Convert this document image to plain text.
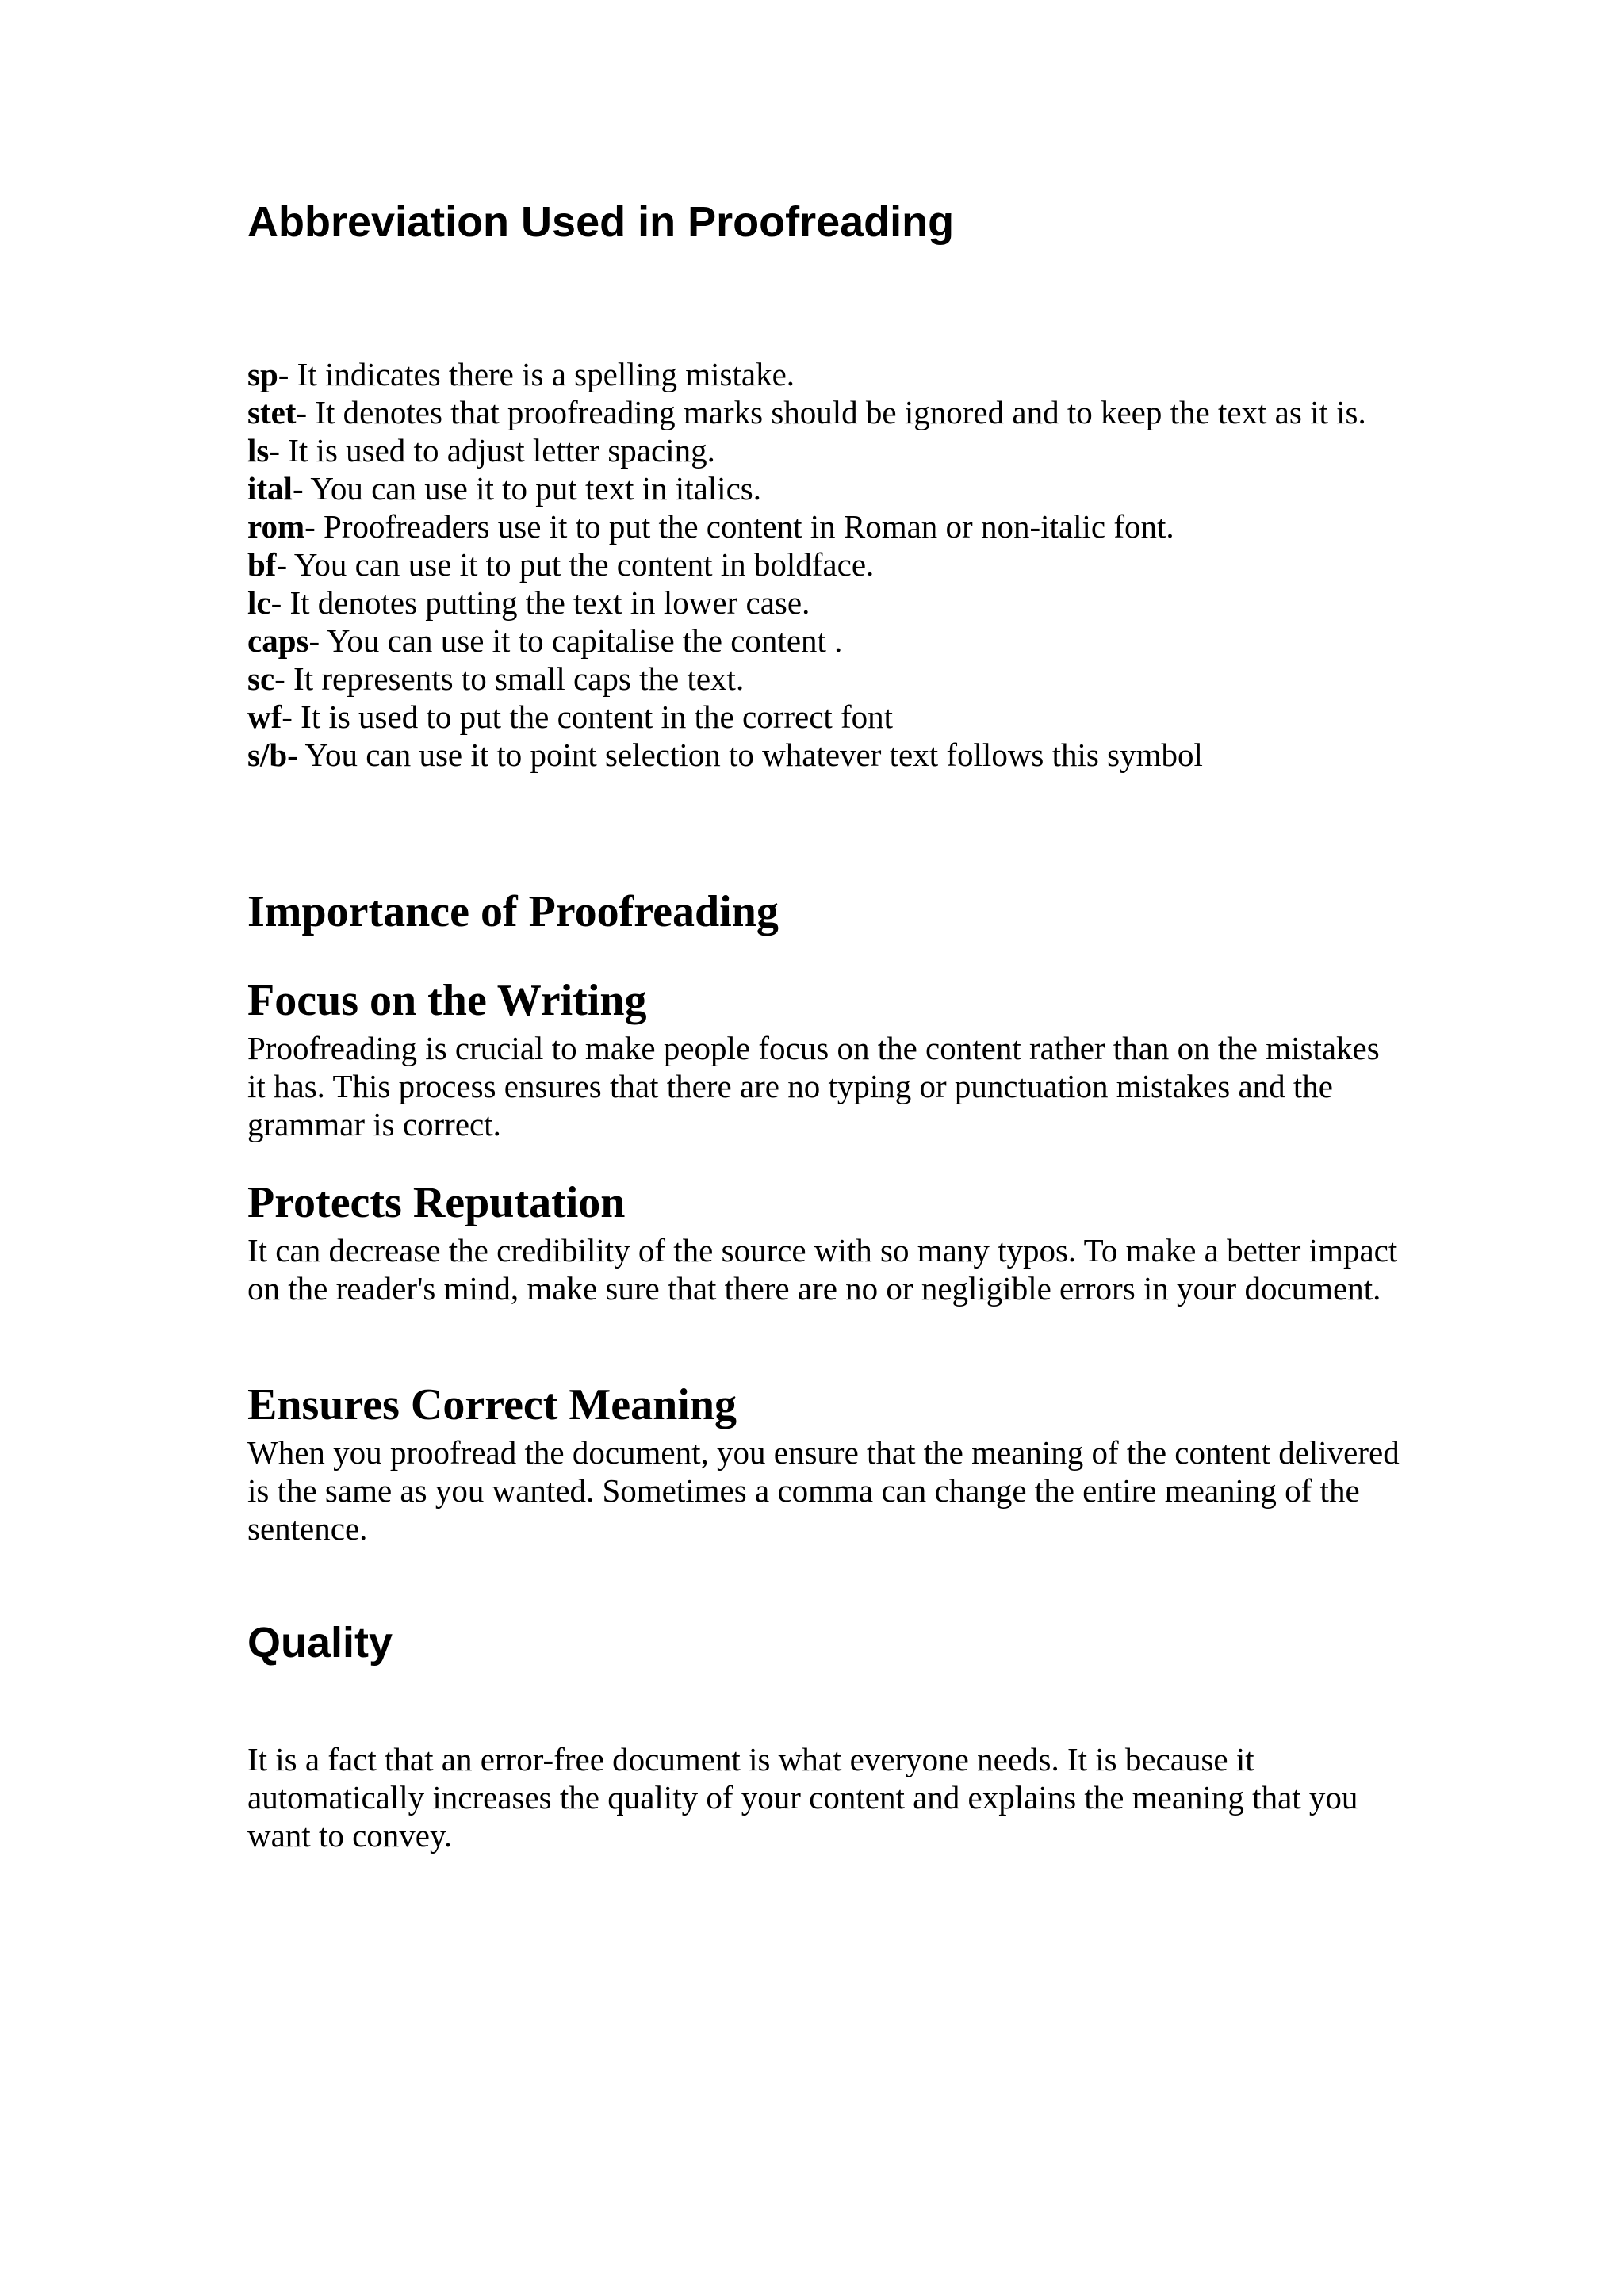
Abbreviation Used in Proofreading
sp- It indicates there is a spelling mistake.
stet- It denotes that proofreading marks should be ignored and to keep the text as it is.
ls- It is used to adjust letter spacing.
ital- You can use it to put text in italics.
rom- Proofreaders use it to put the content in Roman or non-italic font.
bf- You can use it to put the content in boldface.
lc- It denotes putting the text in lower case.
caps- You can use it to capitalise the content .
sc- It represents to small caps the text.
wf- It is used to put the content in the correct font
s/b- You can use it to point selection to whatever text follows this symbol
Importance of Proofreading
Focus on the Writing

Proofreading is crucial to make people focus on the content rather than on the mistakes it has. This process ensures that there are no typing or punctuation mistakes and the grammar is correct.

Protects Reputation

It can decrease the credibility of the source with so many typos. To make a better impact on the reader's mind, make sure that there are no or negligible errors in your document.

Ensures Correct Meaning

When you proofread the document, you ensure that the meaning of the content delivered is the same as you wanted. Sometimes a comma can change the entire meaning of the sentence.

Quality

It is a fact that an error-free document is what everyone needs. It is because it automatically increases the quality of your content and explains the meaning that you want to convey.
